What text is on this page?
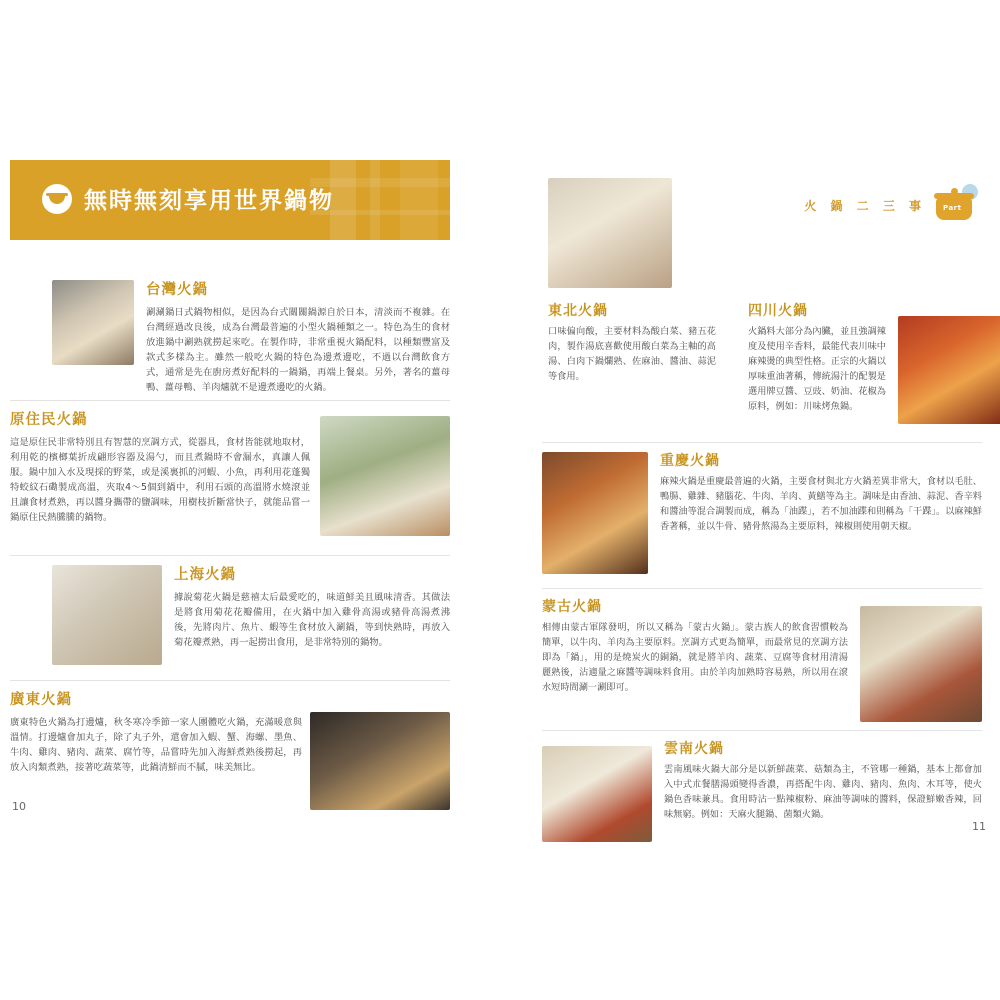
無時無刻享用世界鍋物
台灣火鍋
涮涮鍋日式鍋物相似，是因為台式關關鍋源自於日本，清淡而不複雜。在台灣經過改良後，成為台灣最普遍的小型火鍋種類之一。特色為生的食材放進鍋中涮熟就撈起來吃。在製作時，非常重視火鍋配料，以種類豐富及款式多樣為主。雖然一般吃火鍋的特色為邊煮邊吃，不過以台灣飲食方式，通常是先在廚房煮好配料的一鍋鍋，再端上餐桌。另外，著名的薑母鴨、薑母鴨、羊肉爐就不是邊煮邊吃的火鍋。
原住民火鍋
這是原住民非常特別且有智慧的烹調方式，從器具，食材皆能就地取材，利用乾的檳榔葉折成翩形容器及湯勺，而且煮鍋時不會漏水，真讓人佩服。鍋中加入水及現採的野菜，或是溪裏抓的河蝦、小魚，再利用花蓬獨特蛟紋石磡製成高溫，夾取4～5個到鍋中，利用石頭的高溫將水燒滾並且讓食材煮熟，再以醬身攜帶的鹽調味，用樹枝折斷當快子，就能品嘗一鍋原住民熱騰騰的鍋物。
上海火鍋
據說菊花火鍋是慈禧太后最愛吃的，味道鮮美且風味清香。其做法是將食用菊花花瓣備用，在火鍋中加入雞骨高湯或豬骨高湯煮沸後，先將肉片、魚片、蝦等生食材放入涮鍋，等到快熟時，再放入菊花瓣煮熟，再一起撈出食用，是非常特別的鍋物。
廣東火鍋
廣東特色火鍋為打邊爐，秋冬寒冷季節一家人團體吃火鍋，充滿暖意與溫情。打邊爐會加丸子，除了丸子外，還會加入蝦、蟹、海螺、墨魚、牛肉、雞肉、豬肉、蔬菜、腐竹等，品嘗時先加入海鮮煮熟後撈起，再放入肉類煮熟，接著吃蔬菜等，此鍋清鮮而不膩，味美無比。
10
火 鍋 二 三 事 Part
東北火鍋
口味偏向酸，主要材料為酸白菜、豬五花肉，製作湯底喜歡使用酸白菜為主軸的高湯、白肉下鍋爛熟、佐麻油、醬油、蒜泥等食用。
四川火鍋
火鍋料大部分為內臟，並且強調辣度及使用辛香料，最能代表川味中麻辣燙的典型性格。正宗的火鍋以厚味重油著稱，傳統湯汁的配製是選用牌豆醬、豆豉、奶油、花椒為原料，例如：川味烤魚鍋。
重慶火鍋
麻辣火鍋是重慶最普遍的火鍋，主要食材與北方火鍋差異非常大，食材以毛肚、鴨腸、雞雜、豬腦花、牛肉、羊肉、黃鱔等為主。調味是由香油、蒜泥、香辛料和醬油等混合調製而成，稱為「油蹀」，若不加油蹀和則稱為「干蹀」。以麻辣鮮香著稱，並以牛骨、豬骨熬湯為主要原料，辣椒則使用朝天椒。
蒙古火鍋
相傳由蒙古軍隊發明，所以又稱為「蒙古火鍋」。蒙古族人的飲食習慣較為簡單，以牛肉、羊肉為主要原料。烹調方式更為簡單，而最常見的烹調方法即為「鍋」，用的是燒炭火的銅鍋，就是將羊肉、蔬菜、豆腐等食材用清湯麗熟後，沾適量之麻醬等調味料食用。由於羊肉加熟時容易熟，所以用在滾水短時間涮一涮即可。
雲南火鍋
雲南風味火鍋大部分是以新鮮蔬菜、菇類為主，不管哪一種鍋，基本上都會加入中式朮餐膳湯頭變得香濃，再搭配牛肉、雞肉、豬肉、魚肉、木耳等，使火鍋色香味兼具。食用時沾一點辣椒粉、麻油等調味的醬料，保證鮮嫩香辣，回味無窮。例如：天麻火腿鍋、菌類火鍋。
11
